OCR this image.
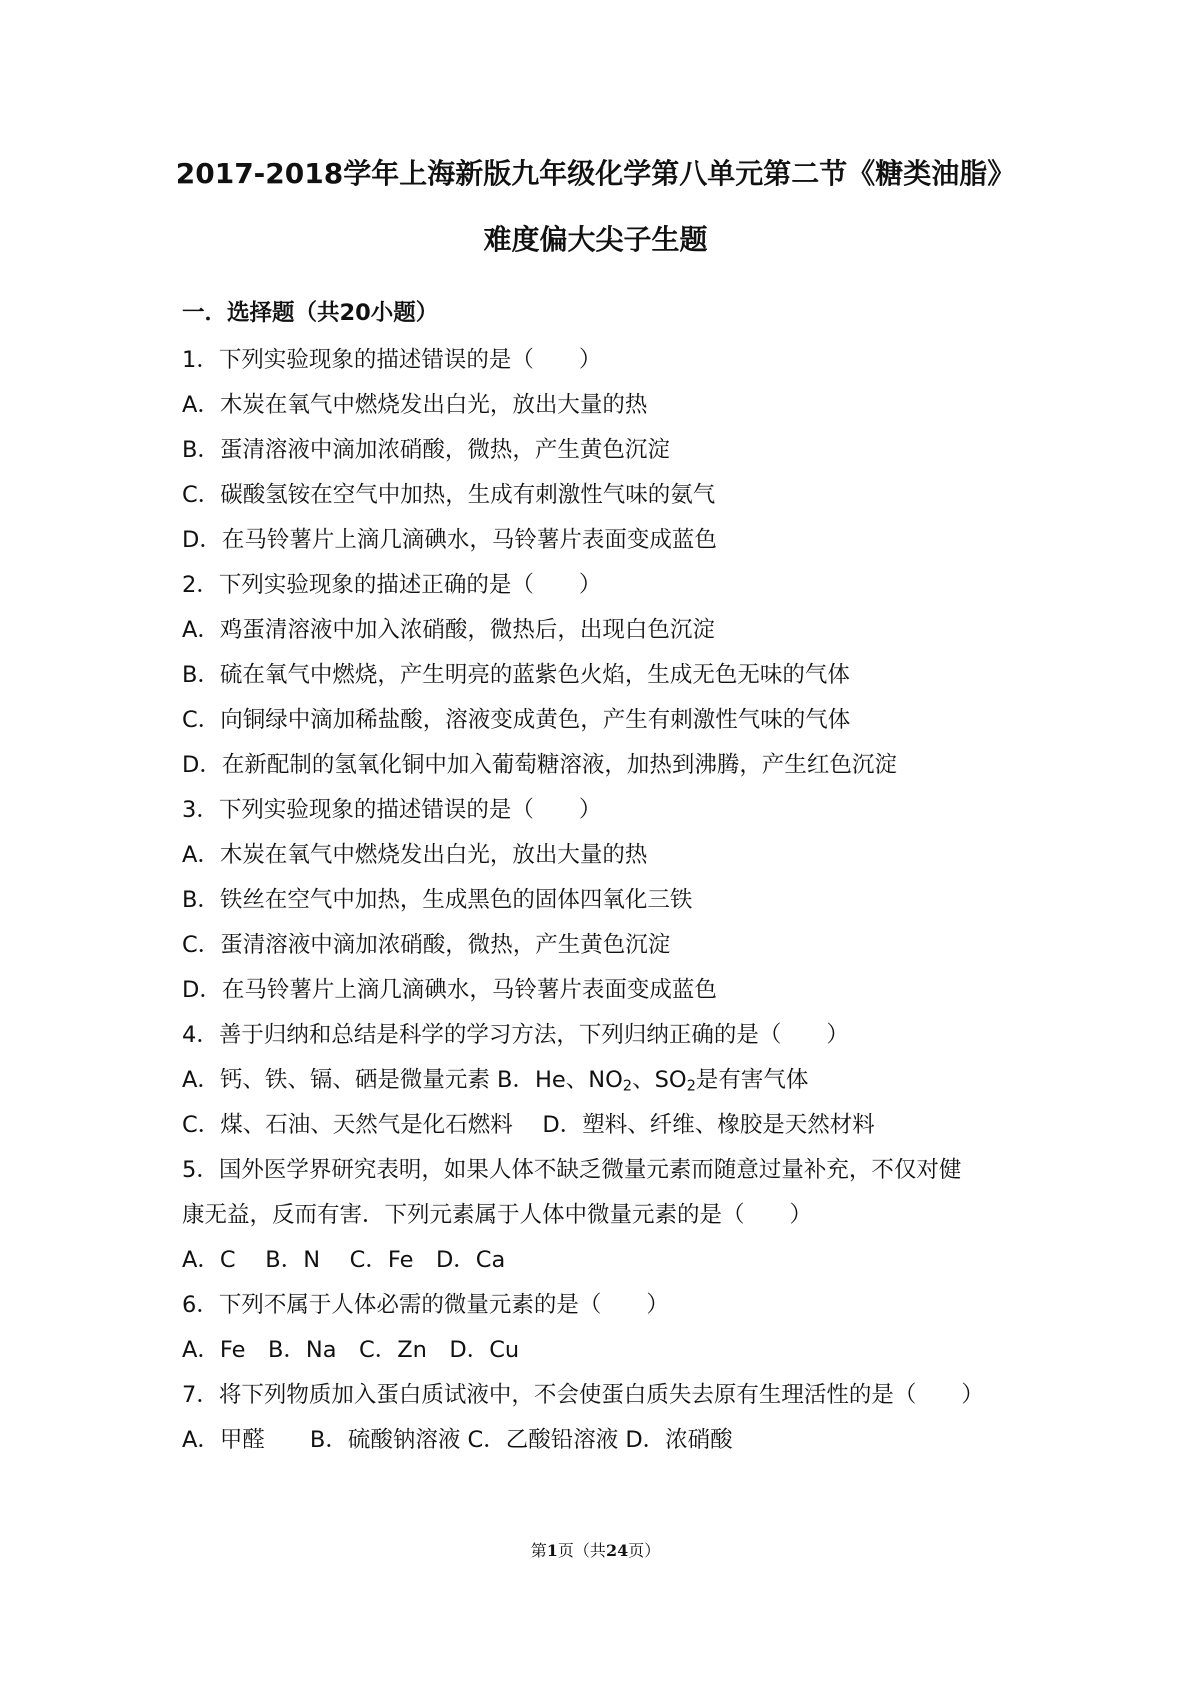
2017-2018学年上海新版九年级化学第八单元第二节《糖类油脂》
难度偏大尖子生题
一．选择题（共20小题）
1．下列实验现象的描述错误的是（　　）
A．木炭在氧气中燃烧发出白光，放出大量的热
B．蛋清溶液中滴加浓硝酸，微热，产生黄色沉淀
C．碳酸氢铵在空气中加热，生成有刺激性气味的氨气
D．在马铃薯片上滴几滴碘水，马铃薯片表面变成蓝色
2．下列实验现象的描述正确的是（　　）
A．鸡蛋清溶液中加入浓硝酸，微热后，出现白色沉淀
B．硫在氧气中燃烧，产生明亮的蓝紫色火焰，生成无色无味的气体
C．向铜绿中滴加稀盐酸，溶液变成黄色，产生有刺激性气味的气体
D．在新配制的氢氧化铜中加入葡萄糖溶液，加热到沸腾，产生红色沉淀
3．下列实验现象的描述错误的是（　　）
A．木炭在氧气中燃烧发出白光，放出大量的热
B．铁丝在空气中加热，生成黑色的固体四氧化三铁
C．蛋清溶液中滴加浓硝酸，微热，产生黄色沉淀
D．在马铃薯片上滴几滴碘水，马铃薯片表面变成蓝色
4．善于归纳和总结是科学的学习方法，下列归纳正确的是（　　）
A．钙、铁、镉、硒是微量元素 B．He、$NO_2$、$SO_2$是有害气体
C．煤、石油、天然气是化石燃料　 D．塑料、纤维、橡胶是天然材料
5．国外医学界研究表明，如果人体不缺乏微量元素而随意过量补充，不仅对健
康无益，反而有害．下列元素属于人体中微量元素的是（　　）
A．C　 B．N　 C．Fe　D．Ca
6．下列不属于人体必需的微量元素的是（　　）
A．Fe　B．Na　C．Zn　D．Cu
7．将下列物质加入蛋白质试液中，不会使蛋白质失去原有生理活性的是（　　）
A．甲醛　　B．硫酸钠溶液 C．乙酸铅溶液 D．浓硝酸
第1页（共24页）
